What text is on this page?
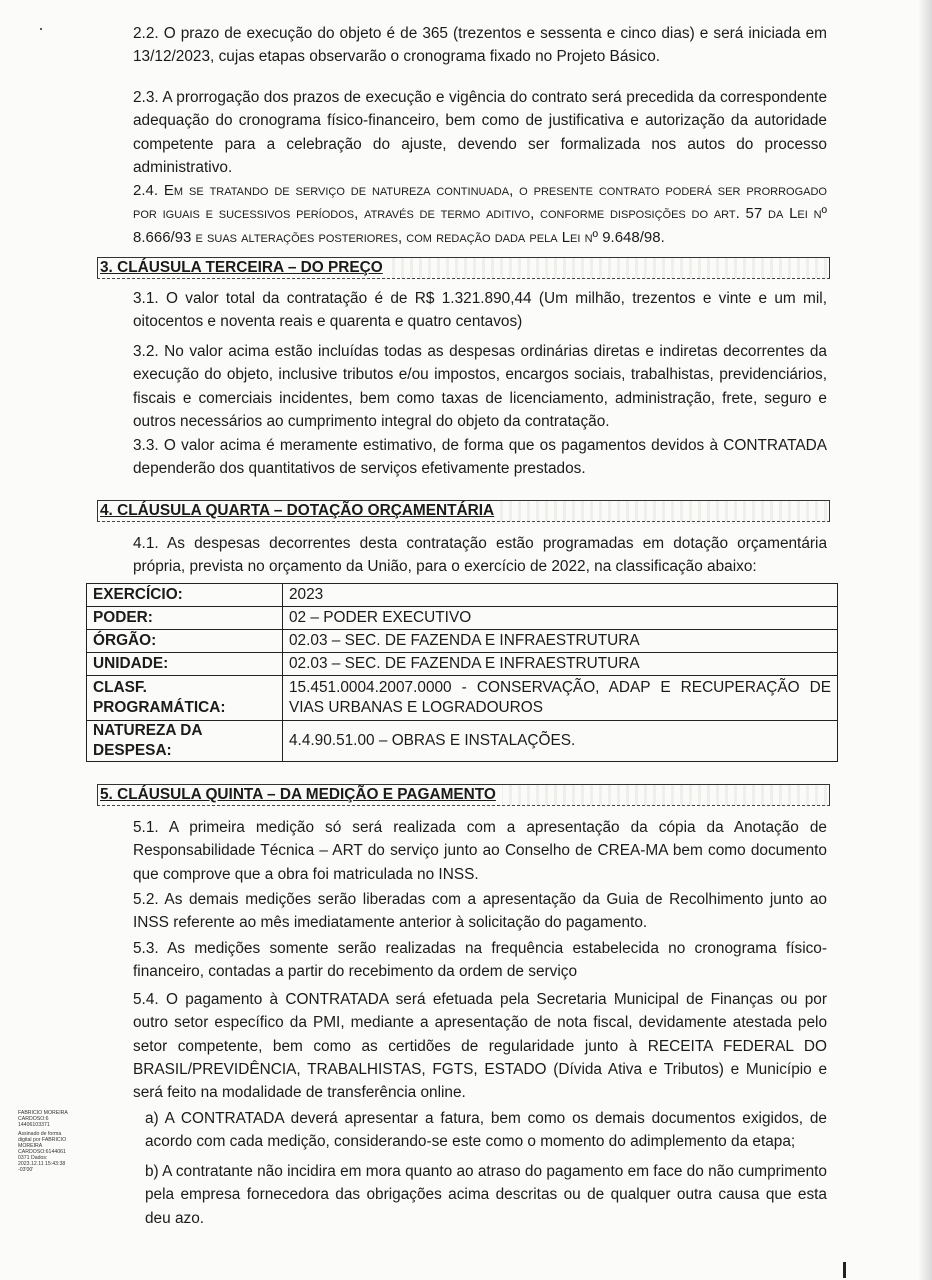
2.2. O prazo de execução do objeto é de 365 (trezentos e sessenta e cinco dias) e será iniciada em 13/12/2023, cujas etapas observarão o cronograma fixado no Projeto Básico.

2.3. A prorrogação dos prazos de execução e vigência do contrato será precedida da correspondente adequação do cronograma físico-financeiro, bem como de justificativa e autorização da autoridade competente para a celebração do ajuste, devendo ser formalizada nos autos do processo administrativo.

2.4. Em se tratando de serviço de natureza continuada, o presente contrato poderá ser prorrogado por iguais e sucessivos períodos, através de termo aditivo, conforme disposições do art. 57 da Lei nº 8.666/93 e suas alterações posteriores, com redação dada pela Lei nº 9.648/98.

3. CLÁUSULA TERCEIRA – DO PREÇO

3.1. O valor total da contratação é de R$ 1.321.890,44 (Um milhão, trezentos e vinte e um mil, oitocentos e noventa reais e quarenta e quatro centavos)

3.2. No valor acima estão incluídas todas as despesas ordinárias diretas e indiretas decorrentes da execução do objeto, inclusive tributos e/ou impostos, encargos sociais, trabalhistas, previdenciários, fiscais e comerciais incidentes, bem como taxas de licenciamento, administração, frete, seguro e outros necessários ao cumprimento integral do objeto da contratação.

3.3. O valor acima é meramente estimativo, de forma que os pagamentos devidos à CONTRATADA dependerão dos quantitativos de serviços efetivamente prestados.

4. CLÁUSULA QUARTA – DOTAÇÃO ORÇAMENTÁRIA

4.1. As despesas decorrentes desta contratação estão programadas em dotação orçamentária própria, prevista no orçamento da União, para o exercício de 2022, na classificação abaixo:

EXERCÍCIO:	2023
PODER:	02 – PODER EXECUTIVO
ÓRGÃO:	02.03 – SEC. DE FAZENDA E INFRAESTRUTURA
UNIDADE:	02.03 – SEC. DE FAZENDA E INFRAESTRUTURA
CLASF. PROGRAMÁTICA:	15.451.0004.2007.0000 - CONSERVAÇÃO, ADAP E RECUPERAÇÃO DE VIAS URBANAS E LOGRADOUROS
NATUREZA DA DESPESA:	4.4.90.51.00 – OBRAS E INSTALAÇÕES.
5. CLÁUSULA QUINTA – DA MEDIÇÃO E PAGAMENTO

5.1. A primeira medição só será realizada com a apresentação da cópia da Anotação de Responsabilidade Técnica – ART do serviço junto ao Conselho de CREA-MA bem como documento que comprove que a obra foi matriculada no INSS.

5.2. As demais medições serão liberadas com a apresentação da Guia de Recolhimento junto ao INSS referente ao mês imediatamente anterior à solicitação do pagamento.

5.3. As medições somente serão realizadas na frequência estabelecida no cronograma físico-financeiro, contadas a partir do recebimento da ordem de serviço

5.4. O pagamento à CONTRATADA será efetuada pela Secretaria Municipal de Finanças ou por outro setor específico da PMI, mediante a apresentação de nota fiscal, devidamente atestada pelo setor competente, bem como as certidões de regularidade junto à RECEITA FEDERAL DO BRASIL/PREVIDÊNCIA, TRABALHISTAS, FGTS, ESTADO (Dívida Ativa e Tributos) e Município e será feito na modalidade de transferência online.

a) A CONTRATADA deverá apresentar a fatura, bem como os demais documentos exigidos, de acordo com cada medição, considerando-se este como o momento do adimplemento da etapa;

b) A contratante não incidira em mora quanto ao atraso do pagamento em face do não cumprimento pela empresa fornecedora das obrigações acima descritas ou de qualquer outra causa que esta deu azo.

FABRICIO MOREIRA CARDOSO:6 14406103371
Assinado de forma digital por FABRICIO MOREIRA CARDOSO:6144061 0371 Dados: 2023.12.11 15:43:38 -03'00'
